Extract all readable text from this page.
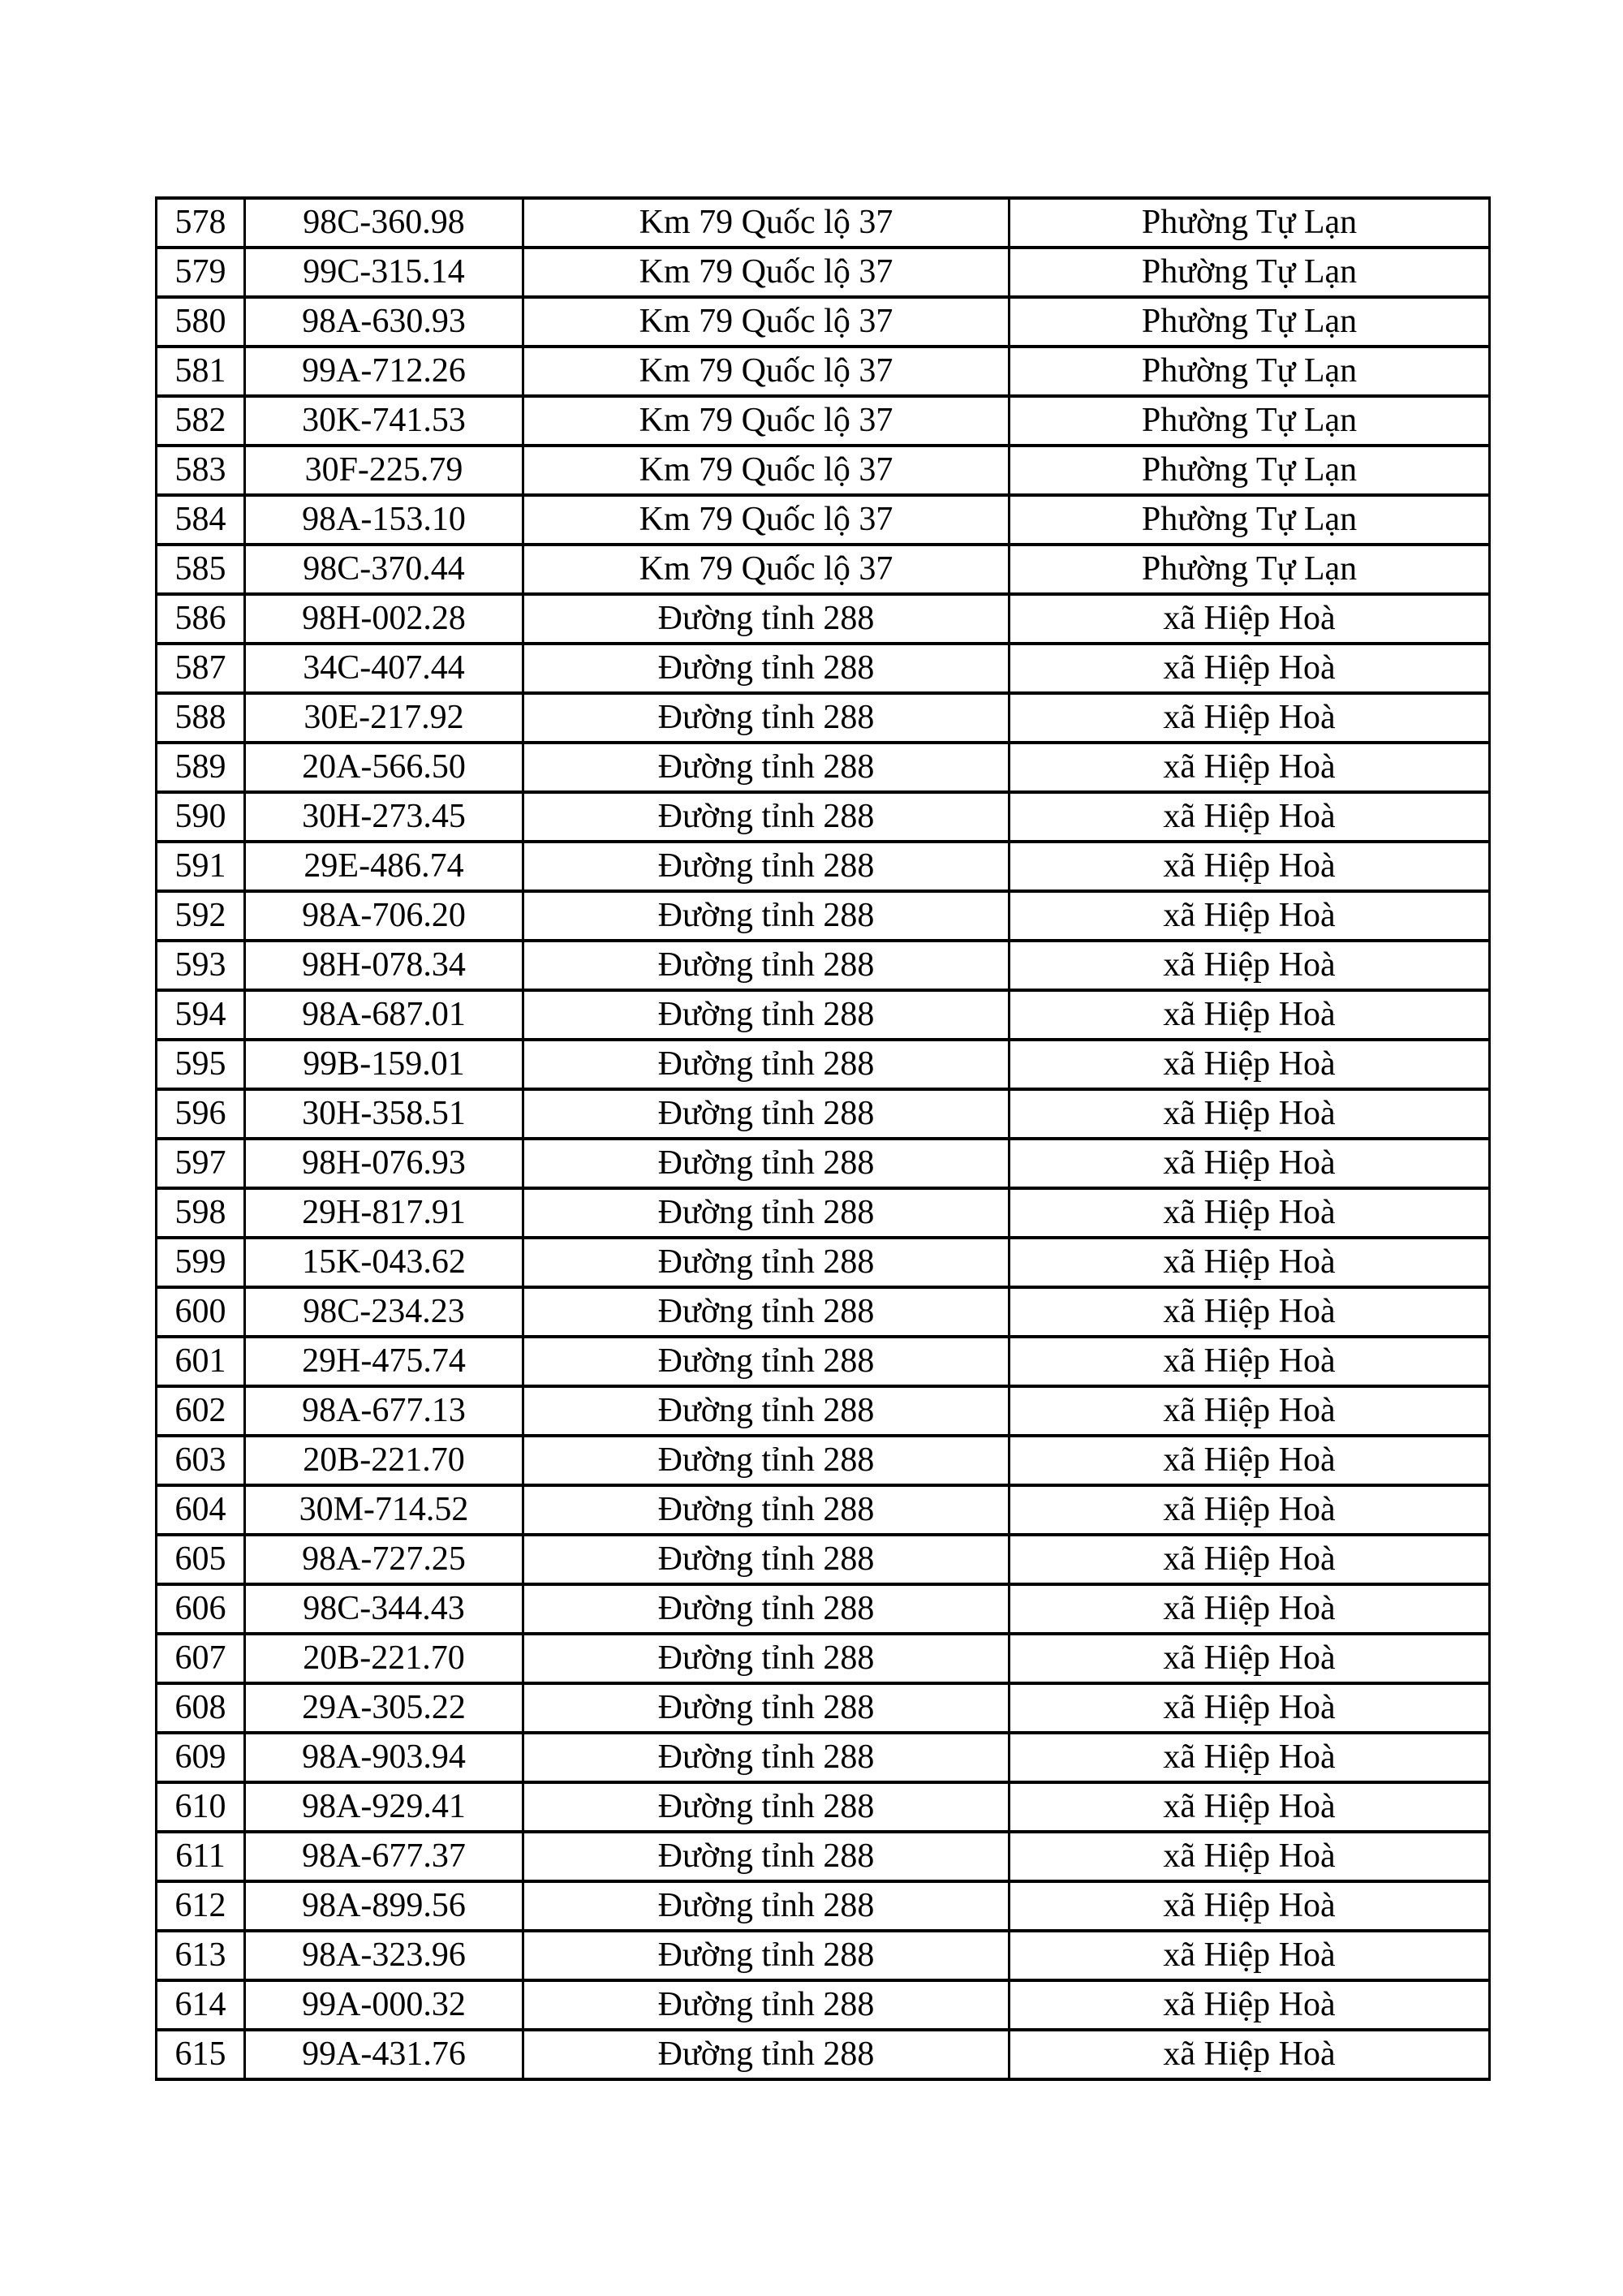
578	98C-360.98	Km 79 Quốc lộ 37	Phường Tự Lạn
579	99C-315.14	Km 79 Quốc lộ 37	Phường Tự Lạn
580	98A-630.93	Km 79 Quốc lộ 37	Phường Tự Lạn
581	99A-712.26	Km 79 Quốc lộ 37	Phường Tự Lạn
582	30K-741.53	Km 79 Quốc lộ 37	Phường Tự Lạn
583	30F-225.79	Km 79 Quốc lộ 37	Phường Tự Lạn
584	98A-153.10	Km 79 Quốc lộ 37	Phường Tự Lạn
585	98C-370.44	Km 79 Quốc lộ 37	Phường Tự Lạn
586	98H-002.28	Đường tỉnh 288	xã Hiệp Hoà
587	34C-407.44	Đường tỉnh 288	xã Hiệp Hoà
588	30E-217.92	Đường tỉnh 288	xã Hiệp Hoà
589	20A-566.50	Đường tỉnh 288	xã Hiệp Hoà
590	30H-273.45	Đường tỉnh 288	xã Hiệp Hoà
591	29E-486.74	Đường tỉnh 288	xã Hiệp Hoà
592	98A-706.20	Đường tỉnh 288	xã Hiệp Hoà
593	98H-078.34	Đường tỉnh 288	xã Hiệp Hoà
594	98A-687.01	Đường tỉnh 288	xã Hiệp Hoà
595	99B-159.01	Đường tỉnh 288	xã Hiệp Hoà
596	30H-358.51	Đường tỉnh 288	xã Hiệp Hoà
597	98H-076.93	Đường tỉnh 288	xã Hiệp Hoà
598	29H-817.91	Đường tỉnh 288	xã Hiệp Hoà
599	15K-043.62	Đường tỉnh 288	xã Hiệp Hoà
600	98C-234.23	Đường tỉnh 288	xã Hiệp Hoà
601	29H-475.74	Đường tỉnh 288	xã Hiệp Hoà
602	98A-677.13	Đường tỉnh 288	xã Hiệp Hoà
603	20B-221.70	Đường tỉnh 288	xã Hiệp Hoà
604	30M-714.52	Đường tỉnh 288	xã Hiệp Hoà
605	98A-727.25	Đường tỉnh 288	xã Hiệp Hoà
606	98C-344.43	Đường tỉnh 288	xã Hiệp Hoà
607	20B-221.70	Đường tỉnh 288	xã Hiệp Hoà
608	29A-305.22	Đường tỉnh 288	xã Hiệp Hoà
609	98A-903.94	Đường tỉnh 288	xã Hiệp Hoà
610	98A-929.41	Đường tỉnh 288	xã Hiệp Hoà
611	98A-677.37	Đường tỉnh 288	xã Hiệp Hoà
612	98A-899.56	Đường tỉnh 288	xã Hiệp Hoà
613	98A-323.96	Đường tỉnh 288	xã Hiệp Hoà
614	99A-000.32	Đường tỉnh 288	xã Hiệp Hoà
615	99A-431.76	Đường tỉnh 288	xã Hiệp Hoà
